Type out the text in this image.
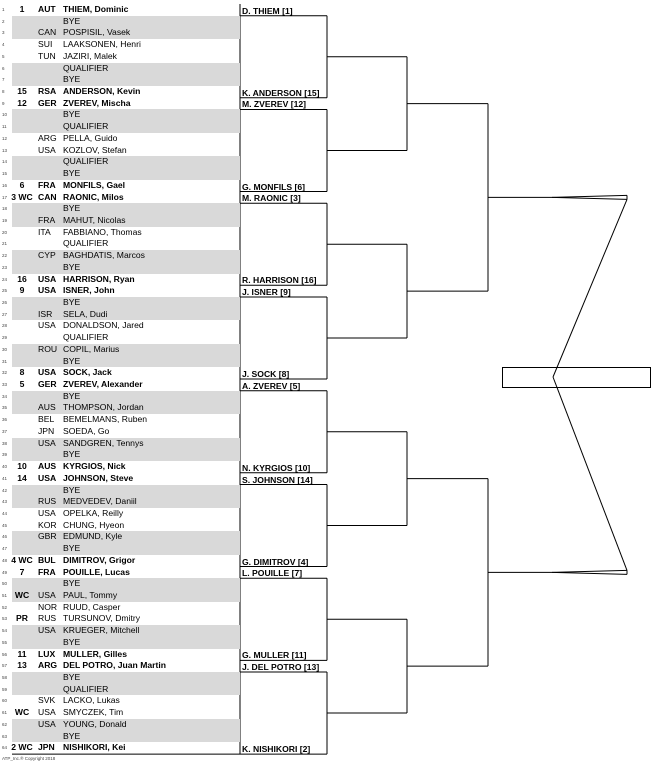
1	1	AUT THIEM, Dominic
2	BYE
3	CAN POSPISIL, Vasek
4	SUI	LAAKSONEN, Henri
5	TUN JAZIRI, Malek
6	QUALIFIER
7	BYE
8	15	RSA ANDERSON, Kevin
9	12	GER ZVEREV, Mischa
10	BYE
11	QUALIFIER
12	ARG PELLA, Guido
13	USA KOZLOV, Stefan
14	QUALIFIER
15	BYE
16	6	FRA MONFILS, Gael
17 3 WC CAN RAONIC, Milos
18	BYE
19	FRA MAHUT, Nicolas
20	ITA	FABBIANO, Thomas
21	QUALIFIER
22	CYP BAGHDATIS, Marcos
23	BYE
24	16	USA HARRISON, Ryan
25	9	USA ISNER, John
26	BYE
27	ISR	SELA, Dudi
28	USA DONALDSON, Jared
29	QUALIFIER
30	ROU COPIL, Marius
31	BYE
32	8	USA SOCK, Jack
33	5	GER ZVEREV, Alexander
34	BYE
35	AUS THOMPSON, Jordan
36	BEL	BEMELMANS, Ruben
37	JPN	SOEDA, Go
38	USA SANDGREN, Tennys
39	BYE
40	10	AUS KYRGIOS, Nick
41	14	USA JOHNSON, Steve
42	BYE
43	RUS MEDVEDEV, Daniil
44	USA OPELKA, Reilly
45	KOR CHUNG, Hyeon
46	GBR EDMUND, Kyle
47	BYE
48 4 WC BUL DIMITROV, Grigor
49	7	FRA POUILLE, Lucas
50	BYE
51 WC	USA PAUL, Tommy
52	NOR RUUD, Casper
53	PR	RUS TURSUNOV, Dmitry
54	USA KRUEGER, Mitchell
55	BYE
56	11	LUX MULLER, Gilles
57	13	ARG DEL POTRO, Juan Martin
58	BYE
59	QUALIFIER
60	SVK LACKO, Lukas
61 WC	USA SMYCZEK, Tim
62	USA YOUNG, Donald
63	BYE
64 2 WC JPN NISHIKORI, Kei
D. THIEM [1]
K. ANDERSON [15]
M. ZVEREV [12]
G. MONFILS [6]
M. RAONIC [3]
R. HARRISON [16]
J. ISNER [9]
J. SOCK [8]
A. ZVEREV [5]
N. KYRGIOS [10]
S. JOHNSON [14]
G. DIMITROV [4]
L. POUILLE [7]
G. MULLER [11]
J. DEL POTRO [13]
K. NISHIKORI [2]
ATP_Inc.® Copyright 2018
